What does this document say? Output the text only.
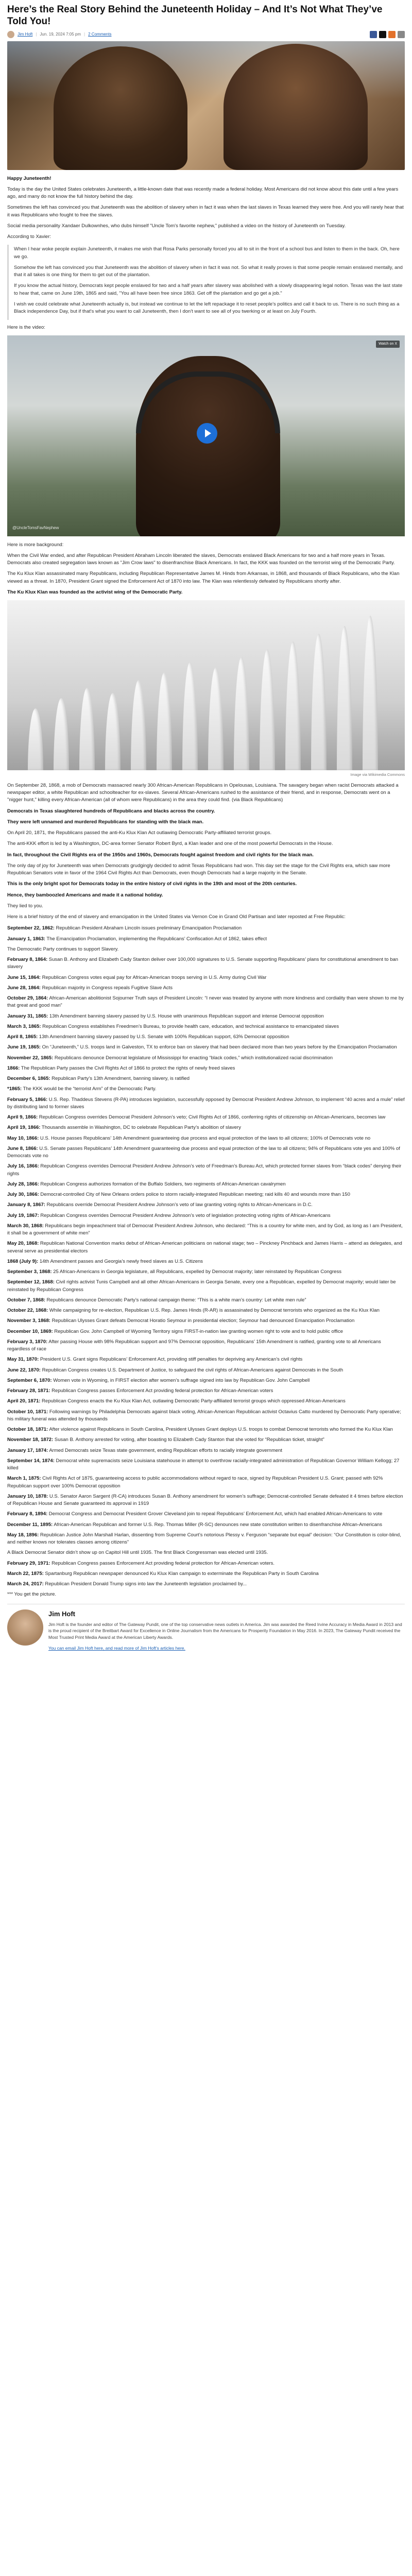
Here’s the Real Story Behind the Juneteenth Holiday – And It’s Not What They’ve Told You!
Jim Hoft | Jun. 19, 2024 7:05 pm | 2 Comments

Happy Juneteenth!

Today is the day the United States celebrates Juneteenth, a little-known date that was recently made a federal holiday. Most Americans did not know about this date until a few years ago, and many do not know the full history behind the day.

Sometimes the left has convinced you that Juneteenth was the abolition of slavery when in fact it was when the last slaves in Texas learned they were free. And you will rarely hear that it was Republicans who fought to free the slaves.

Social media personality Xandaer Dulkownhes, who dubs himself "Uncle Tom's favorite nephew," published a video on the history of Juneteenth on Tuesday.

According to Xavier:

When I hear woke people explain Juneteenth, it makes me wish that Rosa Parks personally forced you all to sit in the front of a school bus and listen to them in the back. Oh, here we go.

Somehow the left has convinced you that Juneteenth was the abolition of slavery when in fact it was not. So what it really proves is that some people remain enslaved mentally, and that it all takes is one thing for them to get out of the plantation.

If you know the actual history, Democrats kept people enslaved for two and a half years after slavery was abolished with a slowly disappearing legal notion. Texas was the last state to hear that, came on June 19th, 1865 and said, "You all have been free since 1863. Get off the plantation and go get a job."

I wish we could celebrate what Juneteenth actually is, but instead we continue to let the left repackage it to reset people's politics and call it back to us. There is no such thing as a Black independence Day, but if that's what you want to call Juneteenth, then I don't want to see all of you twerking or at least on July Fourth.

Here is the video:

Watch on X
@UncleTomsFavNephew

Here is more background:

When the Civil War ended, and after Republican President Abraham Lincoln liberated the slaves, Democrats enslaved Black Americans for two and a half more years in Texas. Democrats also created segregation laws known as "Jim Crow laws" to disenfranchise Black Americans. In fact, the KKK was founded on the terrorist wing of the Democratic Party.

The Ku Klux Klan assassinated many Republicans, including Republican Representative James M. Hinds from Arkansas, in 1868, and thousands of Black Republicans, who the Klan viewed as a threat. In 1870, President Grant signed the Enforcement Act of 1870 into law. The Klan was relentlessly defeated by Republicans shortly after.

The Ku Klux Klan was founded as the activist wing of the Democratic Party.

Image via Wikimedia Commons

On September 28, 1868, a mob of Democrats massacred nearly 300 African-American Republicans in Opelousas, Louisiana. The savagery began when racist Democrats attacked a newspaper editor, a white Republican and schoolteacher for ex-slaves. Several African-Americans rushed to the assistance of their friend, and in response, Democrats went on a "nigger hunt," killing every African-American (all of whom were Republicans) in the area they could find. (via Black Republicans)

Democrats in Texas slaughtered hundreds of Republicans and blacks across the country.

They were left unnamed and murdered Republicans for standing with the black man.

On April 20, 1871, the Republicans passed the anti-Ku Klux Klan Act outlawing Democratic Party-affiliated terrorist groups.

The anti-KKK effort is led by a Washington, DC-area former Senator Robert Byrd, a Klan leader and one of the most powerful Democrats in the House.

In fact, throughout the Civil Rights era of the 1950s and 1960s, Democrats fought against freedom and civil rights for the black man.

The only day of joy for Juneteenth was when Democrats grudgingly decided to admit Texas Republicans had won. This day set the stage for the Civil Rights era, which saw more Republican Senators vote in favor of the 1964 Civil Rights Act than Democrats, even though Democrats had a large majority in the Senate.

This is the only bright spot for Democrats today in the entire history of civil rights in the 19th and most of the 20th centuries.

Hence, they bamboozled Americans and made it a national holiday.

They lied to you.

Here is a brief history of the end of slavery and emancipation in the United States via Vernon Coe in Grand Old Partisan and later reposted at Free Republic:

September 22, 1862: Republican President Abraham Lincoln issues preliminary Emancipation Proclamation

January 1, 1863: The Emancipation Proclamation, implementing the Republicans’ Confiscation Act of 1862, takes effect

The Democratic Party continues to support Slavery.

February 8, 1864: Susan B. Anthony and Elizabeth Cady Stanton deliver over 100,000 signatures to U.S. Senate supporting Republicans’ plans for constitutional amendment to ban slavery

June 15, 1864: Republican Congress votes equal pay for African-American troops serving in U.S. Army during Civil War

June 28, 1864: Republican majority in Congress repeals Fugitive Slave Acts

October 29, 1864: African-American abolitionist Sojourner Truth says of President Lincoln: “I never was treated by anyone with more kindness and cordiality than were shown to me by that great and good man”

January 31, 1865: 13th Amendment banning slavery passed by U.S. House with unanimous Republican support and intense Democrat opposition

March 3, 1865: Republican Congress establishes Freedmen’s Bureau, to provide health care, education, and technical assistance to emancipated slaves

April 8, 1865: 13th Amendment banning slavery passed by U.S. Senate with 100% Republican support, 63% Democrat opposition

June 19, 1865: On “Juneteenth,” U.S. troops land in Galveston, TX to enforce ban on slavery that had been declared more than two years before by the Emancipation Proclamation

November 22, 1865: Republicans denounce Democrat legislature of Mississippi for enacting “black codes,” which institutionalized racial discrimination

1866: The Republican Party passes the Civil Rights Act of 1866 to protect the rights of newly freed slaves

December 6, 1865: Republican Party’s 13th Amendment, banning slavery, is ratified

*1865: The KKK would be the “terrorist Arm” of the Democratic Party.

February 5, 1866: U.S. Rep. Thaddeus Stevens (R-PA) introduces legislation, successfully opposed by Democrat President Andrew Johnson, to implement “40 acres and a mule” relief by distributing land to former slaves

April 9, 1866: Republican Congress overrides Democrat President Johnson’s veto; Civil Rights Act of 1866, conferring rights of citizenship on African-Americans, becomes law

April 19, 1866: Thousands assemble in Washington, DC to celebrate Republican Party’s abolition of slavery

May 10, 1866: U.S. House passes Republicans’ 14th Amendment guaranteeing due process and equal protection of the laws to all citizens; 100% of Democrats vote no

June 8, 1866: U.S. Senate passes Republicans’ 14th Amendment guaranteeing due process and equal protection of the law to all citizens; 94% of Republicans vote yes and 100% of Democrats vote no

July 16, 1866: Republican Congress overrides Democrat President Andrew Johnson’s veto of Freedman’s Bureau Act, which protected former slaves from “black codes” denying their rights

July 28, 1866: Republican Congress authorizes formation of the Buffalo Soldiers, two regiments of African-American cavalrymen

July 30, 1866: Democrat-controlled City of New Orleans orders police to storm racially-integrated Republican meeting; raid kills 40 and wounds more than 150

January 8, 1867: Republicans override Democrat President Andrew Johnson’s veto of law granting voting rights to African-Americans in D.C.

July 19, 1867: Republican Congress overrides Democrat President Andrew Johnson’s veto of legislation protecting voting rights of African-Americans

March 30, 1868: Republicans begin impeachment trial of Democrat President Andrew Johnson, who declared: “This is a country for white men, and by God, as long as I am President, it shall be a government of white men”

May 20, 1868: Republican National Convention marks debut of African-American politicians on national stage; two – Pinckney Pinchback and James Harris – attend as delegates, and several serve as presidential electors

1868 (July 9): 14th Amendment passes and Georgia’s newly freed slaves as U.S. Citizens

September 3, 1868: 25 African-Americans in Georgia legislature, all Republicans, expelled by Democrat majority; later reinstated by Republican Congress

September 12, 1868: Civil rights activist Tunis Campbell and all other African-Americans in Georgia Senate, every one a Republican, expelled by Democrat majority; would later be reinstated by Republican Congress

October 7, 1868: Republicans denounce Democratic Party’s national campaign theme: “This is a white man’s country: Let white men rule”

October 22, 1868: While campaigning for re-election, Republican U.S. Rep. James Hinds (R-AR) is assassinated by Democrat terrorists who organized as the Ku Klux Klan

November 3, 1868: Republican Ulysses Grant defeats Democrat Horatio Seymour in presidential election; Seymour had denounced Emancipation Proclamation

December 10, 1869: Republican Gov. John Campbell of Wyoming Territory signs FIRST-in-nation law granting women right to vote and to hold public office

February 3, 1870: After passing House with 98% Republican support and 97% Democrat opposition, Republicans’ 15th Amendment is ratified, granting vote to all Americans regardless of race

May 31, 1870: President U.S. Grant signs Republicans’ Enforcement Act, providing stiff penalties for depriving any American’s civil rights

June 22, 1870: Republican Congress creates U.S. Department of Justice, to safeguard the civil rights of African-Americans against Democrats in the South

September 6, 1870: Women vote in Wyoming, in FIRST election after women’s suffrage signed into law by Republican Gov. John Campbell

February 28, 1871: Republican Congress passes Enforcement Act providing federal protection for African-American voters

April 20, 1871: Republican Congress enacts the Ku Klux Klan Act, outlawing Democratic Party-affiliated terrorist groups which oppressed African-Americans

October 10, 1871: Following warnings by Philadelphia Democrats against black voting, African-American Republican activist Octavius Catto murdered by Democratic Party operative; his military funeral was attended by thousands

October 18, 1871: After violence against Republicans in South Carolina, President Ulysses Grant deploys U.S. troops to combat Democrat terrorists who formed the Ku Klux Klan

November 18, 1872: Susan B. Anthony arrested for voting, after boasting to Elizabeth Cady Stanton that she voted for “Republican ticket, straight”

January 17, 1874: Armed Democrats seize Texas state government, ending Republican efforts to racially integrate government

September 14, 1874: Democrat white supremacists seize Louisiana statehouse in attempt to overthrow racially-integrated administration of Republican Governor William Kellogg; 27 killed

March 1, 1875: Civil Rights Act of 1875, guaranteeing access to public accommodations without regard to race, signed by Republican President U.S. Grant; passed with 92% Republican support over 100% Democrat opposition

January 10, 1878: U.S. Senator Aaron Sargent (R-CA) introduces Susan B. Anthony amendment for women’s suffrage; Democrat-controlled Senate defeated it 4 times before election of Republican House and Senate guaranteed its approval in 1919

February 8, 1894: Democrat Congress and Democrat President Grover Cleveland join to repeal Republicans’ Enforcement Act, which had enabled African-Americans to vote

December 11, 1895: African-American Republican and former U.S. Rep. Thomas Miller (R-SC) denounces new state constitution written to disenfranchise African-Americans

May 18, 1896: Republican Justice John Marshall Harlan, dissenting from Supreme Court’s notorious Plessy v. Ferguson “separate but equal” decision: “Our Constitution is color-blind, and neither knows nor tolerates classes among citizens”

A Black Democrat Senator didn’t show up on Capitol Hill until 1935. The first Black Congressman was elected until 1935.

February 29, 1971: Republican Congress passes Enforcement Act providing federal protection for African-American voters.

March 22, 1875: Spartanburg Republican newspaper denounced Ku Klux Klan campaign to exterminate the Republican Party in South Carolina

March 24, 2017: Republican President Donald Trump signs into law the Juneteenth legislation proclaimed by...

*** You get the picture.

Jim Hoft
Jim Hoft is the founder and editor of The Gateway Pundit, one of the top conservative news outlets in America. Jim was awarded the Reed Irvine Accuracy in Media Award in 2013 and is the proud recipient of the Breitbart Award for Excellence in Online Journalism from the Americans for Prosperity Foundation in May 2016. In 2023, The Gateway Pundit received the Most Trusted Print Media Award at the American Liberty Awards.
You can email Jim Hoft here, and read more of Jim Hoft's articles here.
